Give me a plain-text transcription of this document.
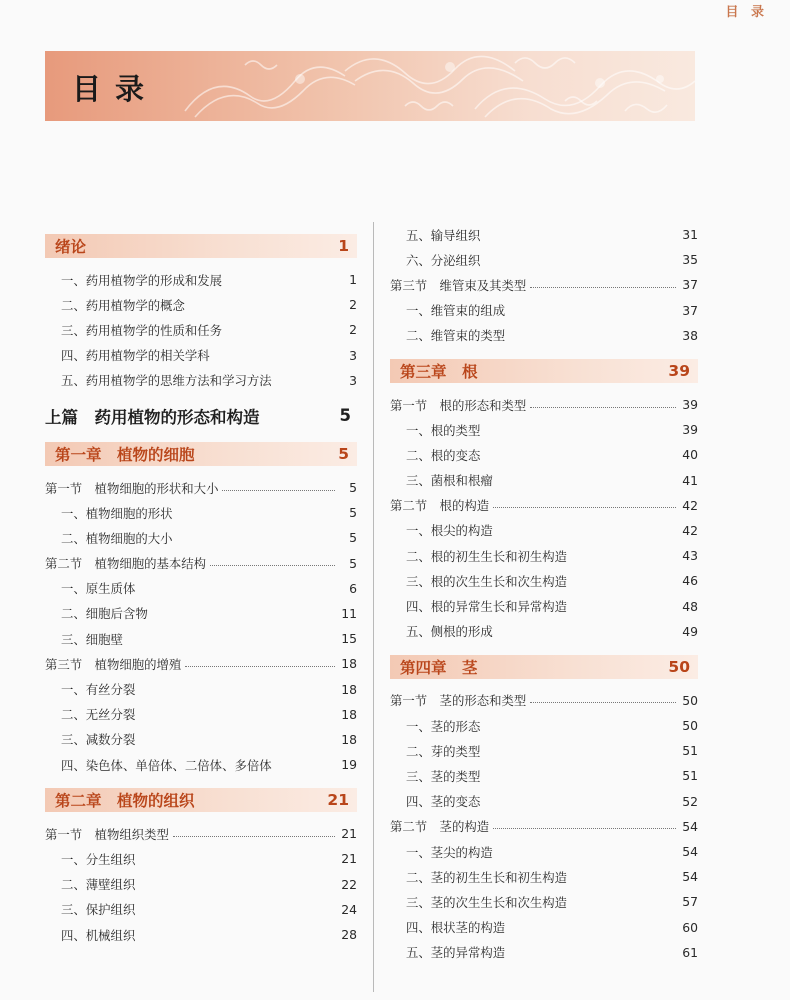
目 录
目录
绪论	1
一、药用植物学的形成和发展	1
二、药用植物学的概念	2
三、药用植物学的性质和任务	2
四、药用植物学的相关学科	3
五、药用植物学的思维方法和学习方法	3
上篇　药用植物的形态和构造	5
第一章　植物的细胞	5
第一节　植物细胞的形状和大小	5
一、植物细胞的形状	5
二、植物细胞的大小	5
第二节　植物细胞的基本结构	5
一、原生质体	6
二、细胞后含物	11
三、细胞壁	15
第三节　植物细胞的增殖	18
一、有丝分裂	18
二、无丝分裂	18
三、减数分裂	18
四、染色体、单倍体、二倍体、多倍体	19
第二章　植物的组织	21
第一节　植物组织类型	21
一、分生组织	21
二、薄壁组织	22
三、保护组织	24
四、机械组织	28
五、输导组织	31
六、分泌组织	35
第三节　维管束及其类型	37
一、维管束的组成	37
二、维管束的类型	38
第三章　根	39
第一节　根的形态和类型	39
一、根的类型	39
二、根的变态	40
三、菌根和根瘤	41
第二节　根的构造	42
一、根尖的构造	42
二、根的初生生长和初生构造	43
三、根的次生生长和次生构造	46
四、根的异常生长和异常构造	48
五、侧根的形成	49
第四章　茎	50
第一节　茎的形态和类型	50
一、茎的形态	50
二、芽的类型	51
三、茎的类型	51
四、茎的变态	52
第二节　茎的构造	54
一、茎尖的构造	54
二、茎的初生生长和初生构造	54
三、茎的次生生长和次生构造	57
四、根状茎的构造	60
五、茎的异常构造	61
